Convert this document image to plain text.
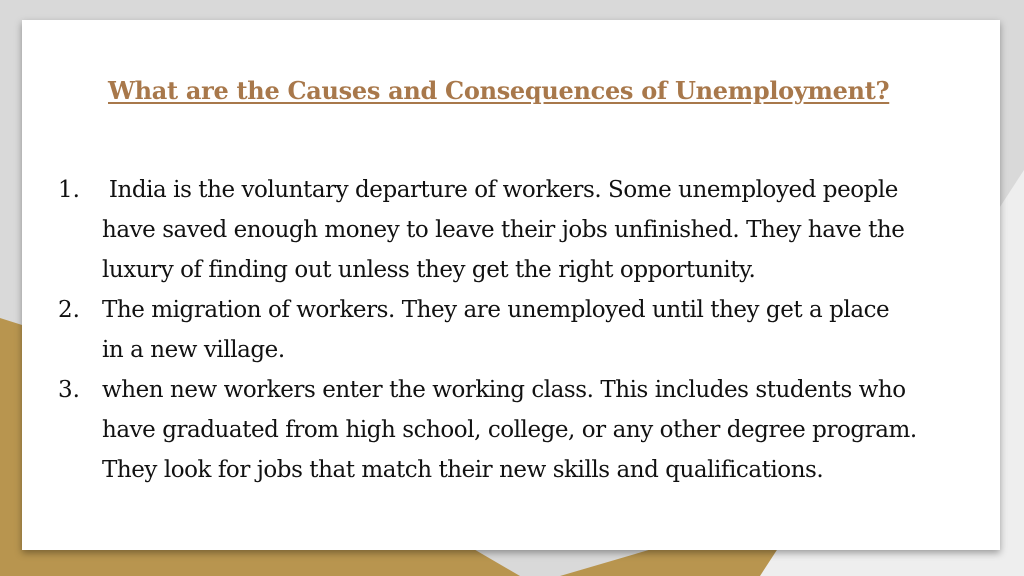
What are the Causes and Consequences of Unemployment?
1. India is the voluntary departure of workers. Some unemployed people
have saved enough money to leave their jobs unfinished. They have the
luxury of finding out unless they get the right opportunity.
2. The migration of workers. They are unemployed until they get a place
in a new village.
3. when new workers enter the working class. This includes students who
have graduated from high school, college, or any other degree program.
They look for jobs that match their new skills and qualifications.
